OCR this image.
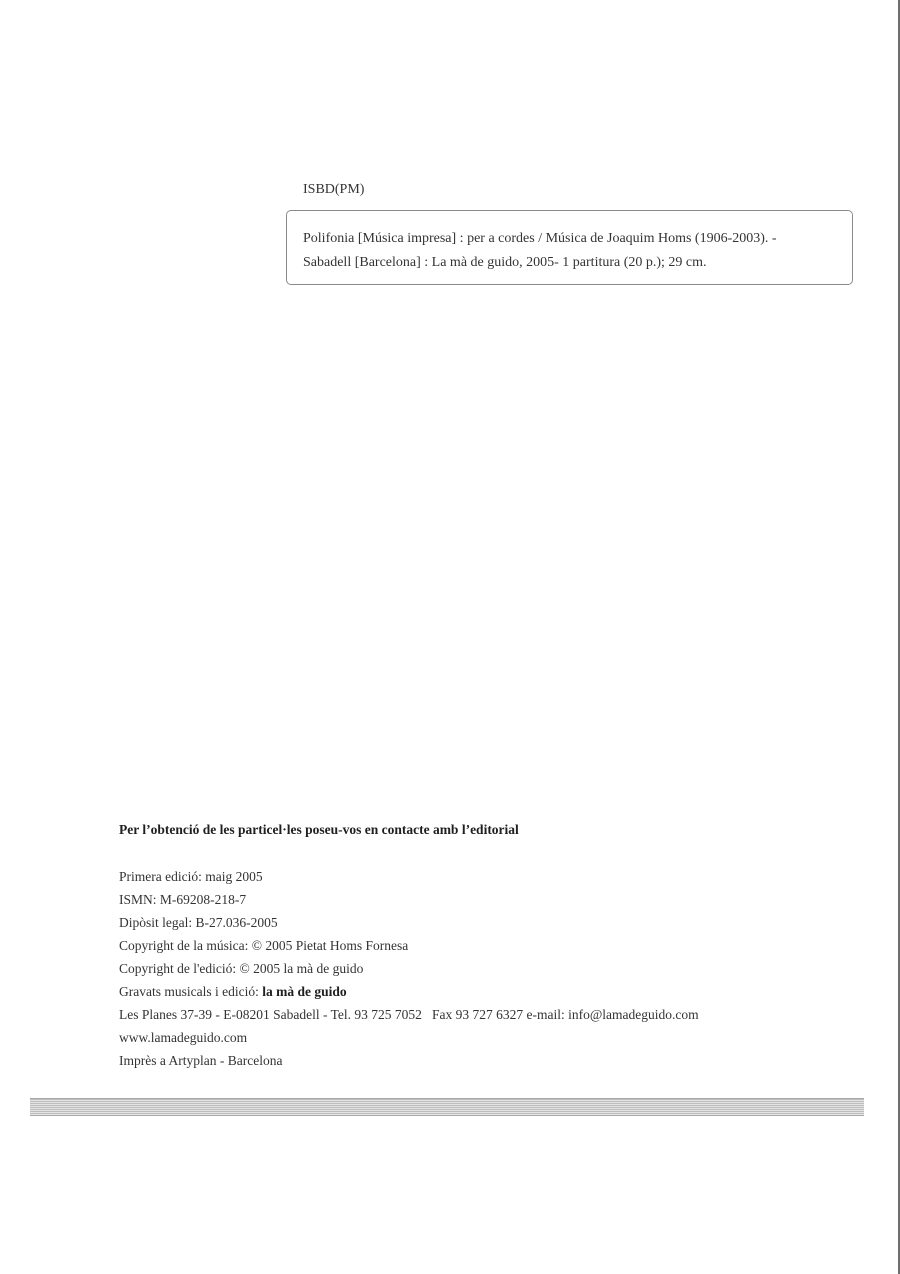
ISBD(PM)
Polifonia [Música impresa] : per a cordes / Música de Joaquim Homs (1906-2003). -
Sabadell [Barcelona] : La mà de guido, 2005- 1 partitura (20 p.); 29 cm.
Per l’obtenció de les particel·les poseu-vos en contacte amb l’editorial
Primera edició: maig 2005
ISMN: M-69208-218-7
Dipòsit legal: B-27.036-2005
Copyright de la música: © 2005 Pietat Homs Fornesa
Copyright de l'edició: © 2005 la mà de guido
Gravats musicals i edició: la mà de guido
Les Planes 37-39 - E-08201 Sabadell - Tel. 93 725 7052   Fax 93 727 6327 e-mail: info@lamadeguido.com
www.lamadeguido.com
Imprès a Artyplan - Barcelona
